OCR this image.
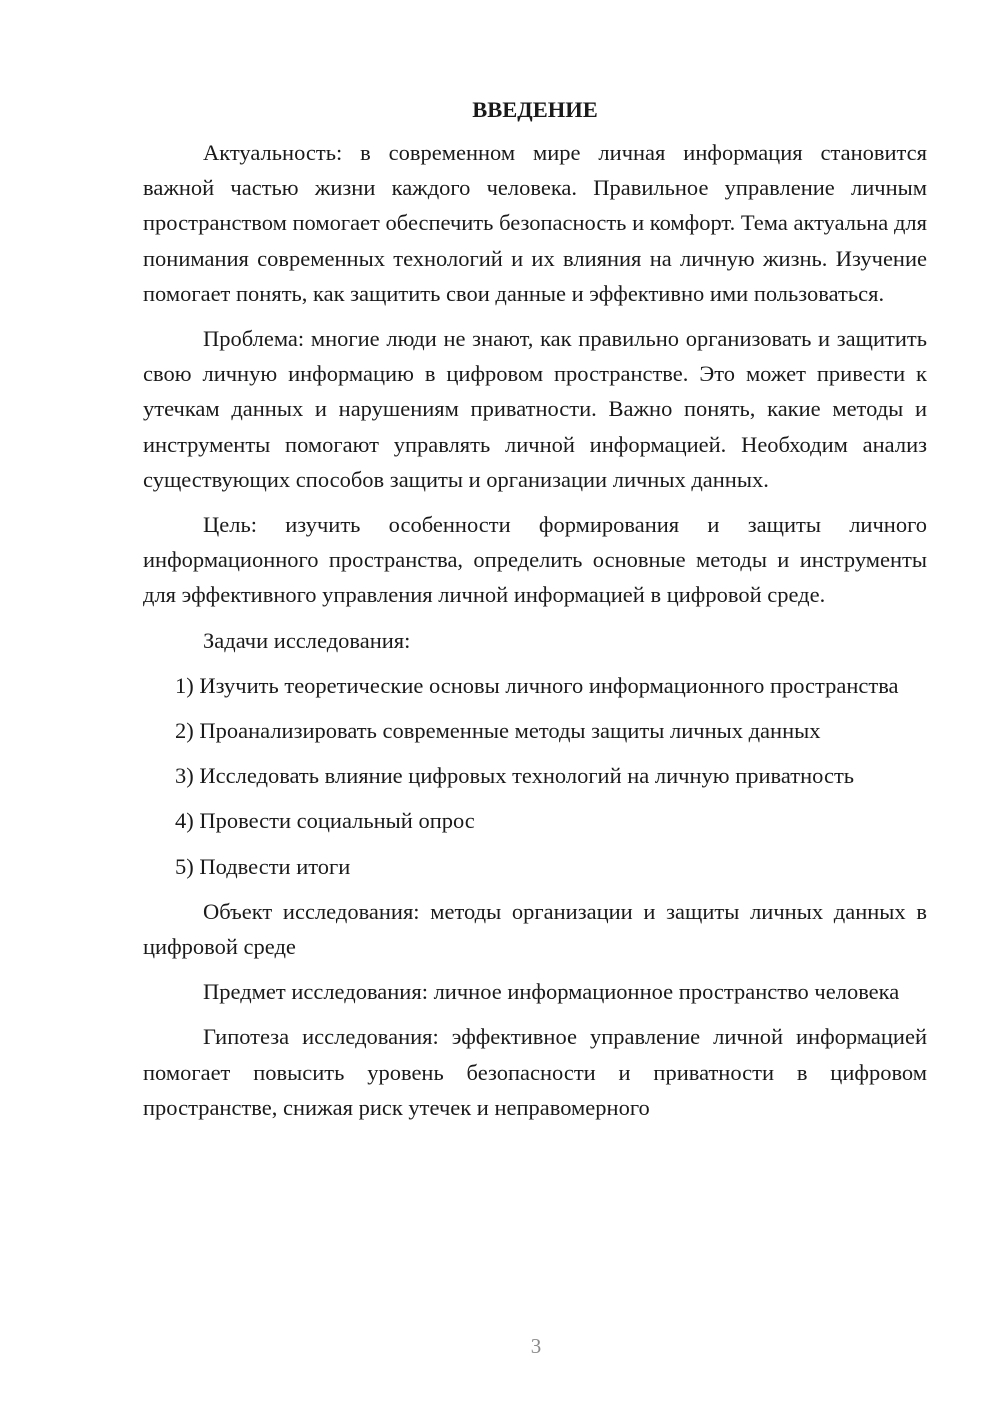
ВВЕДЕНИЕ

Актуальность: в современном мире личная информация становится важной частью жизни каждого человека. Правильное управление личным пространством помогает обеспечить безопасность и комфорт. Тема актуальна для понимания современных технологий и их влияния на личную жизнь. Изучение помогает понять, как защитить свои данные и эффективно ими пользоваться.

Проблема: многие люди не знают, как правильно организовать и защитить свою личную информацию в цифровом пространстве. Это может привести к утечкам данных и нарушениям приватности. Важно понять, какие методы и инструменты помогают управлять личной информацией. Необходим анализ существующих способов защиты и организации личных данных.

Цель: изучить особенности формирования и защиты личного информационного пространства, определить основные методы и инструменты для эффективного управления личной информацией в цифровой среде.

Задачи исследования:

1) Изучить теоретические основы личного информационного пространства

2) Проанализировать современные методы защиты личных данных

3) Исследовать влияние цифровых технологий на личную приватность

4) Провести социальный опрос

5) Подвести итоги

Объект исследования: методы организации и защиты личных данных в цифровой среде

Предмет исследования: личное информационное пространство человека

Гипотеза исследования: эффективное управление личной информацией помогает повысить уровень безопасности и приватности в цифровом пространстве, снижая риск утечек и неправомерного

3
